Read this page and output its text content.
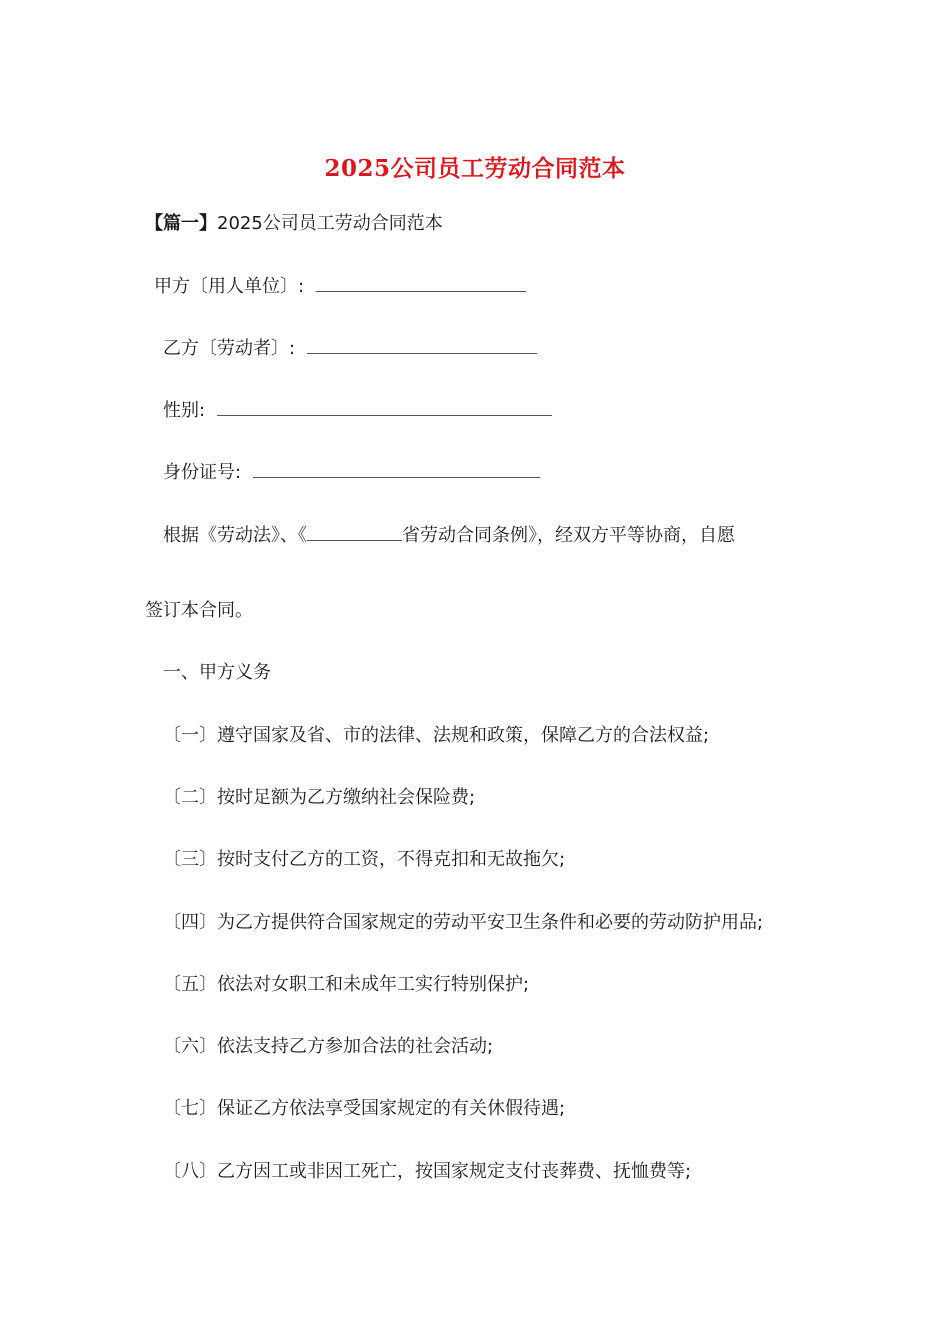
2025公司员工劳动合同范本
【篇一】2025公司员工劳动合同范本
甲方〔用人单位〕:
乙方〔劳动者〕:
性别:
身份证号:
根据《劳动法》、《	省劳动合同条例》，经双方平等协商，自愿
签订本合同。
一、甲方义务
〔一〕遵守国家及省、市的法律、法规和政策，保障乙方的合法权益;
〔二〕按时足额为乙方缴纳社会保险费;
〔三〕按时支付乙方的工资，不得克扣和无故拖欠;
〔四〕为乙方提供符合国家规定的劳动平安卫生条件和必要的劳动防护用品;
〔五〕依法对女职工和未成年工实行特别保护;
〔六〕依法支持乙方参加合法的社会活动;
〔七〕保证乙方依法享受国家规定的有关休假待遇;
〔八〕乙方因工或非因工死亡，按国家规定支付丧葬费、抚恤费等;
